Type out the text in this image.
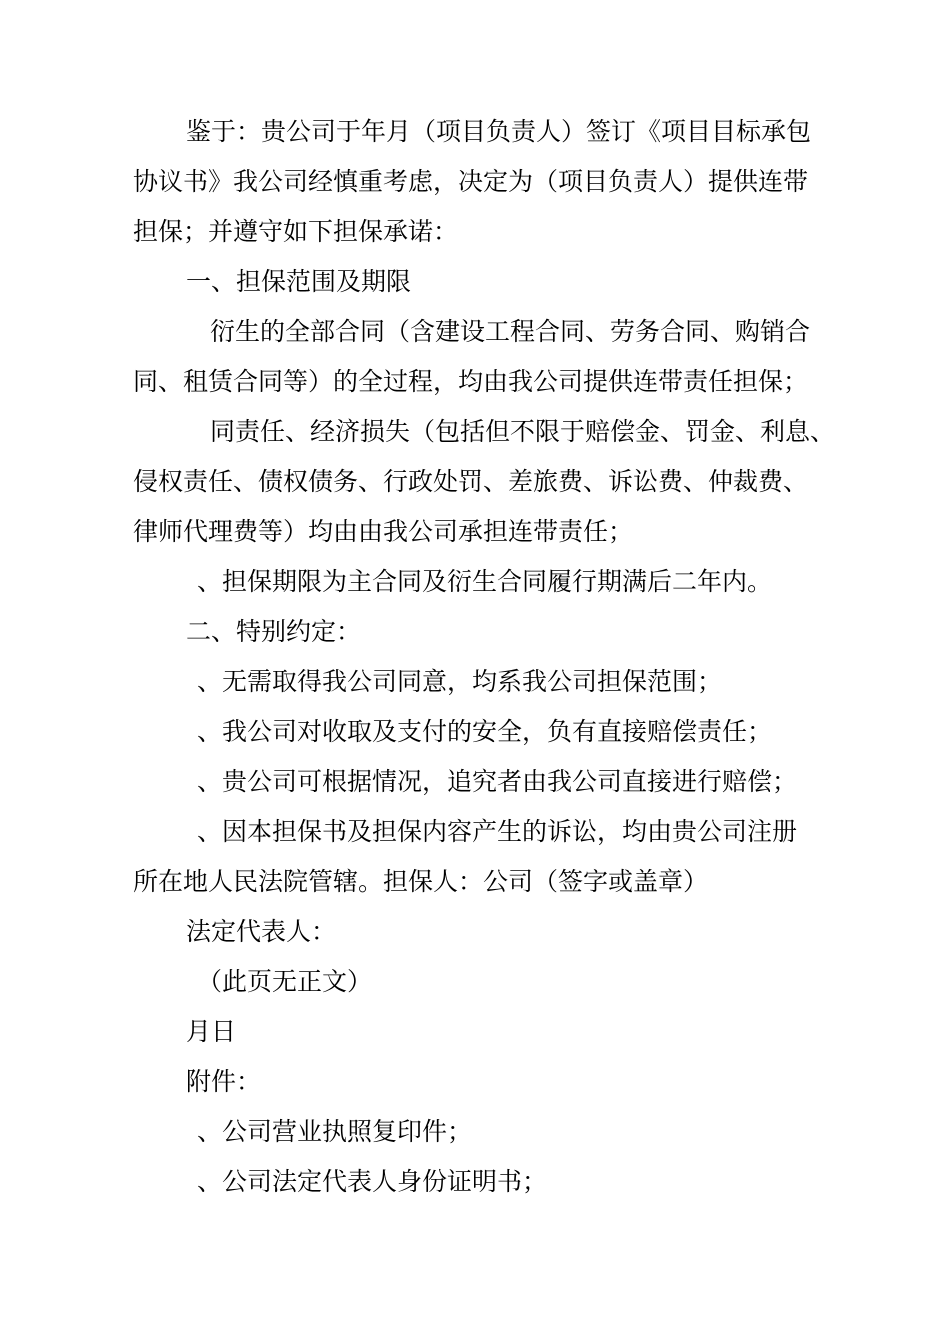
鉴于：贵公司于年月（项目负责人）签订《项目目标承包
协议书》我公司经慎重考虑，决定为（项目负责人）提供连带
担保；并遵守如下担保承诺：
一、担保范围及期限
衍生的全部合同（含建设工程合同、劳务合同、购销合
同、租赁合同等）的全过程，均由我公司提供连带责任担保；
同责任、经济损失（包括但不限于赔偿金、罚金、利息、
侵权责任、债权债务、行政处罚、差旅费、诉讼费、仲裁费、
律师代理费等）均由由我公司承担连带责任；
、担保期限为主合同及衍生合同履行期满后二年内。
二、特别约定：
、无需取得我公司同意，均系我公司担保范围；
、我公司对收取及支付的安全，负有直接赔偿责任；
、贵公司可根据情况，追究者由我公司直接进行赔偿；
、因本担保书及担保内容产生的诉讼，均由贵公司注册
所在地人民法院管辖。担保人：公司（签字或盖章）
法定代表人：
（此页无正文）
月日
附件：
、公司营业执照复印件；
、公司法定代表人身份证明书；
